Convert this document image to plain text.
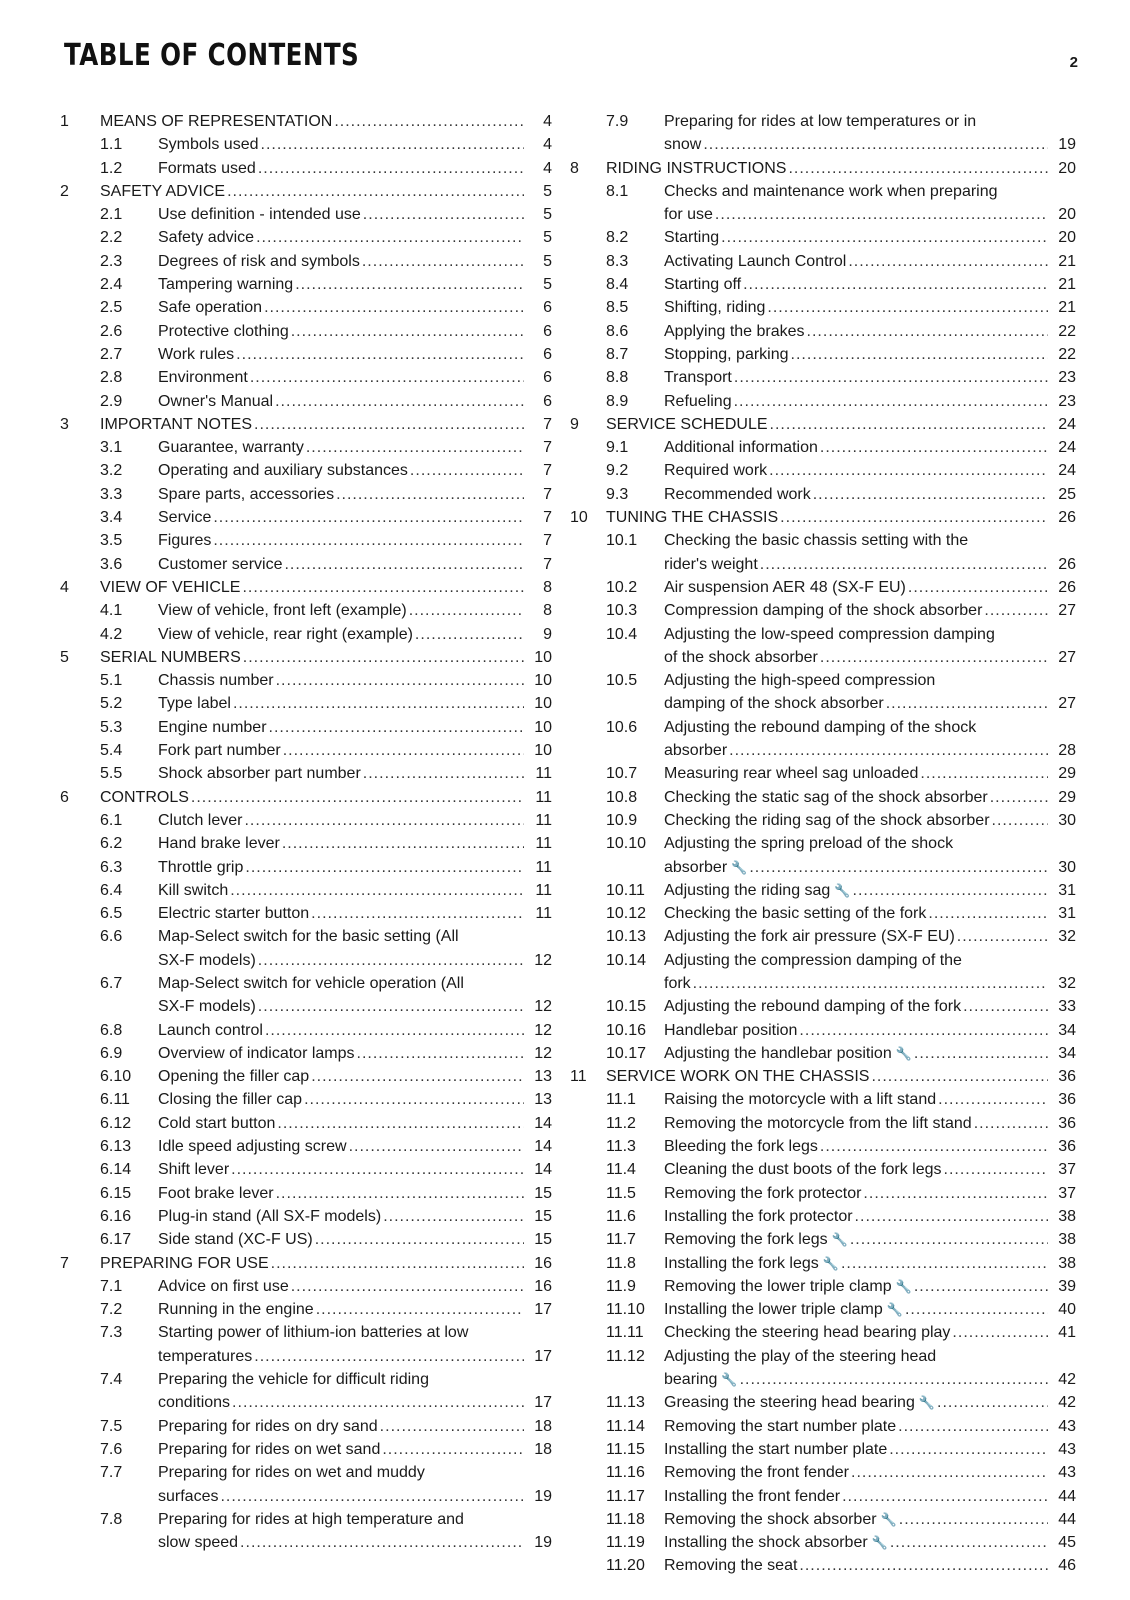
TABLE OF CONTENTS	2
1	MEANS OF REPRESENTATION .....	4
1.1	Symbols used .....	4
1.2	Formats used .....	4
2	SAFETY ADVICE .....	5
2.1	Use definition - intended use .....	5
2.2	Safety advice .....	5
2.3	Degrees of risk and symbols .....	5
2.4	Tampering warning .....	5
2.5	Safe operation .....	6
2.6	Protective clothing .....	6
2.7	Work rules .....	6
2.8	Environment .....	6
2.9	Owner's Manual .....	6
3	IMPORTANT NOTES .....	7
3.1	Guarantee, warranty .....	7
3.2	Operating and auxiliary substances .....	7
3.3	Spare parts, accessories .....	7
3.4	Service .....	7
3.5	Figures .....	7
3.6	Customer service .....	7
4	VIEW OF VEHICLE .....	8
4.1	View of vehicle, front left (example) .....	8
4.2	View of vehicle, rear right (example) .....	9
5	SERIAL NUMBERS .....	10
5.1	Chassis number .....	10
5.2	Type label .....	10
5.3	Engine number .....	10
5.4	Fork part number .....	10
5.5	Shock absorber part number .....	11
6	CONTROLS .....	11
6.1	Clutch lever .....	11
6.2	Hand brake lever .....	11
6.3	Throttle grip .....	11
6.4	Kill switch .....	11
6.5	Electric starter button .....	11
6.6	Map-Select switch for the basic setting (All
SX-F models) .....	12
6.7	Map-Select switch for vehicle operation (All
SX-F models) .....	12
6.8	Launch control .....	12
6.9	Overview of indicator lamps .....	12
6.10	Opening the filler cap .....	13
6.11	Closing the filler cap .....	13
6.12	Cold start button .....	14
6.13	Idle speed adjusting screw .....	14
6.14	Shift lever .....	14
6.15	Foot brake lever .....	15
6.16	Plug-in stand (All SX-F models) .....	15
6.17	Side stand (XC-F US) .....	15
7	PREPARING FOR USE .....	16
7.1	Advice on first use .....	16
7.2	Running in the engine .....	17
7.3	Starting power of lithium-ion batteries at low
temperatures .....	17
7.4	Preparing the vehicle for difficult riding
conditions .....	17
7.5	Preparing for rides on dry sand .....	18
7.6	Preparing for rides on wet sand .....	18
7.7	Preparing for rides on wet and muddy
surfaces .....	19
7.8	Preparing for rides at high temperature and
slow speed .....	19
7.9	Preparing for rides at low temperatures or in
snow .....	19
8	RIDING INSTRUCTIONS .....	20
8.1	Checks and maintenance work when preparing
for use .....	20
8.2	Starting .....	20
8.3	Activating Launch Control .....	21
8.4	Starting off .....	21
8.5	Shifting, riding .....	21
8.6	Applying the brakes .....	22
8.7	Stopping, parking .....	22
8.8	Transport .....	23
8.9	Refueling .....	23
9	SERVICE SCHEDULE .....	24
9.1	Additional information .....	24
9.2	Required work .....	24
9.3	Recommended work .....	25
10	TUNING THE CHASSIS .....	26
10.1	Checking the basic chassis setting with the
rider's weight .....	26
10.2	Air suspension AER 48 (SX-F EU) .....	26
10.3	Compression damping of the shock absorber .....	27
10.4	Adjusting the low-speed compression damping
of the shock absorber .....	27
10.5	Adjusting the high-speed compression
damping of the shock absorber .....	27
10.6	Adjusting the rebound damping of the shock
absorber .....	28
10.7	Measuring rear wheel sag unloaded .....	29
10.8	Checking the static sag of the shock absorber .....	29
10.9	Checking the riding sag of the shock absorber .....	30
10.10	Adjusting the spring preload of the shock
absorber 🔧 .....	30
10.11	Adjusting the riding sag 🔧 .....	31
10.12	Checking the basic setting of the fork .....	31
10.13	Adjusting the fork air pressure (SX-F EU) .....	32
10.14	Adjusting the compression damping of the
fork .....	32
10.15	Adjusting the rebound damping of the fork .....	33
10.16	Handlebar position .....	34
10.17	Adjusting the handlebar position 🔧 .....	34
11	SERVICE WORK ON THE CHASSIS .....	36
11.1	Raising the motorcycle with a lift stand .....	36
11.2	Removing the motorcycle from the lift stand .....	36
11.3	Bleeding the fork legs .....	36
11.4	Cleaning the dust boots of the fork legs .....	37
11.5	Removing the fork protector .....	37
11.6	Installing the fork protector .....	38
11.7	Removing the fork legs 🔧 .....	38
11.8	Installing the fork legs 🔧 .....	38
11.9	Removing the lower triple clamp 🔧 .....	39
11.10	Installing the lower triple clamp 🔧 .....	40
11.11	Checking the steering head bearing play .....	41
11.12	Adjusting the play of the steering head
bearing 🔧 .....	42
11.13	Greasing the steering head bearing 🔧 .....	42
11.14	Removing the start number plate .....	43
11.15	Installing the start number plate .....	43
11.16	Removing the front fender .....	43
11.17	Installing the front fender .....	44
11.18	Removing the shock absorber 🔧 .....	44
11.19	Installing the shock absorber 🔧 .....	45
11.20	Removing the seat .....	46
